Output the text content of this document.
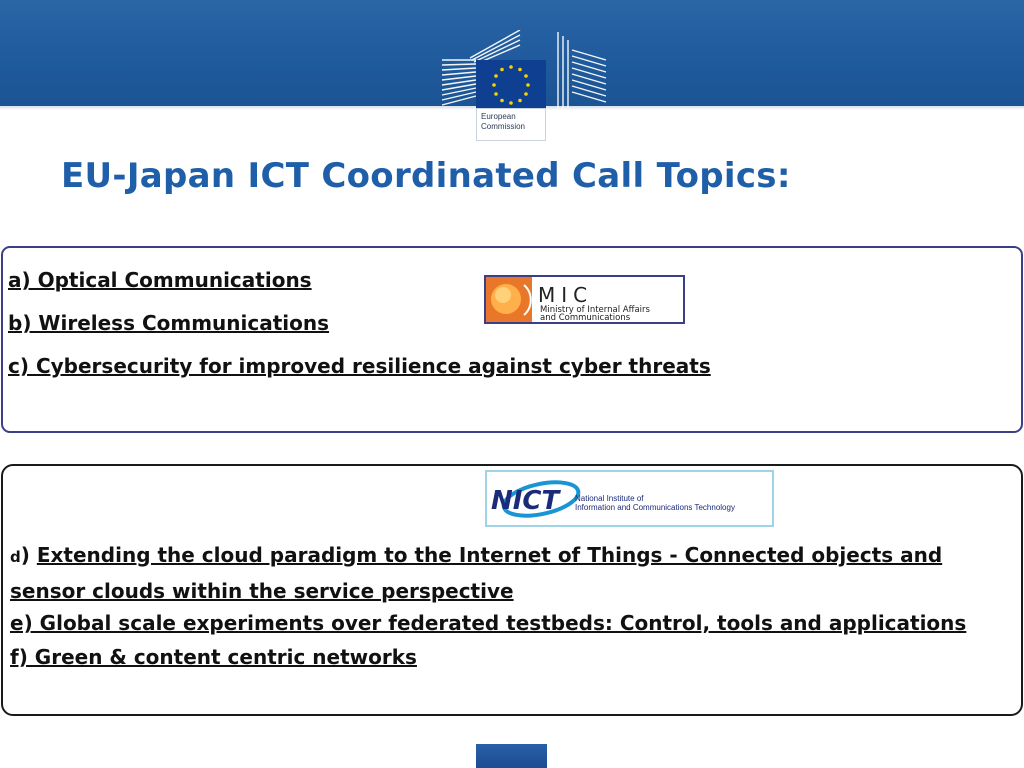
European
Commission
EU-Japan ICT Coordinated Call Topics:

a) Optical Communications

b) Wireless Communications

c) Cybersecurity for improved resilience against cyber threats

MIC
Ministry of Internal Affairs
and Communications
NICT National Institute of
Information and Communications Technology

d) Extending the cloud paradigm to the Internet of Things - Connected objects and sensor clouds within the service perspective

e) Global scale experiments over federated testbeds: Control, tools and applications

f) Green & content centric networks
